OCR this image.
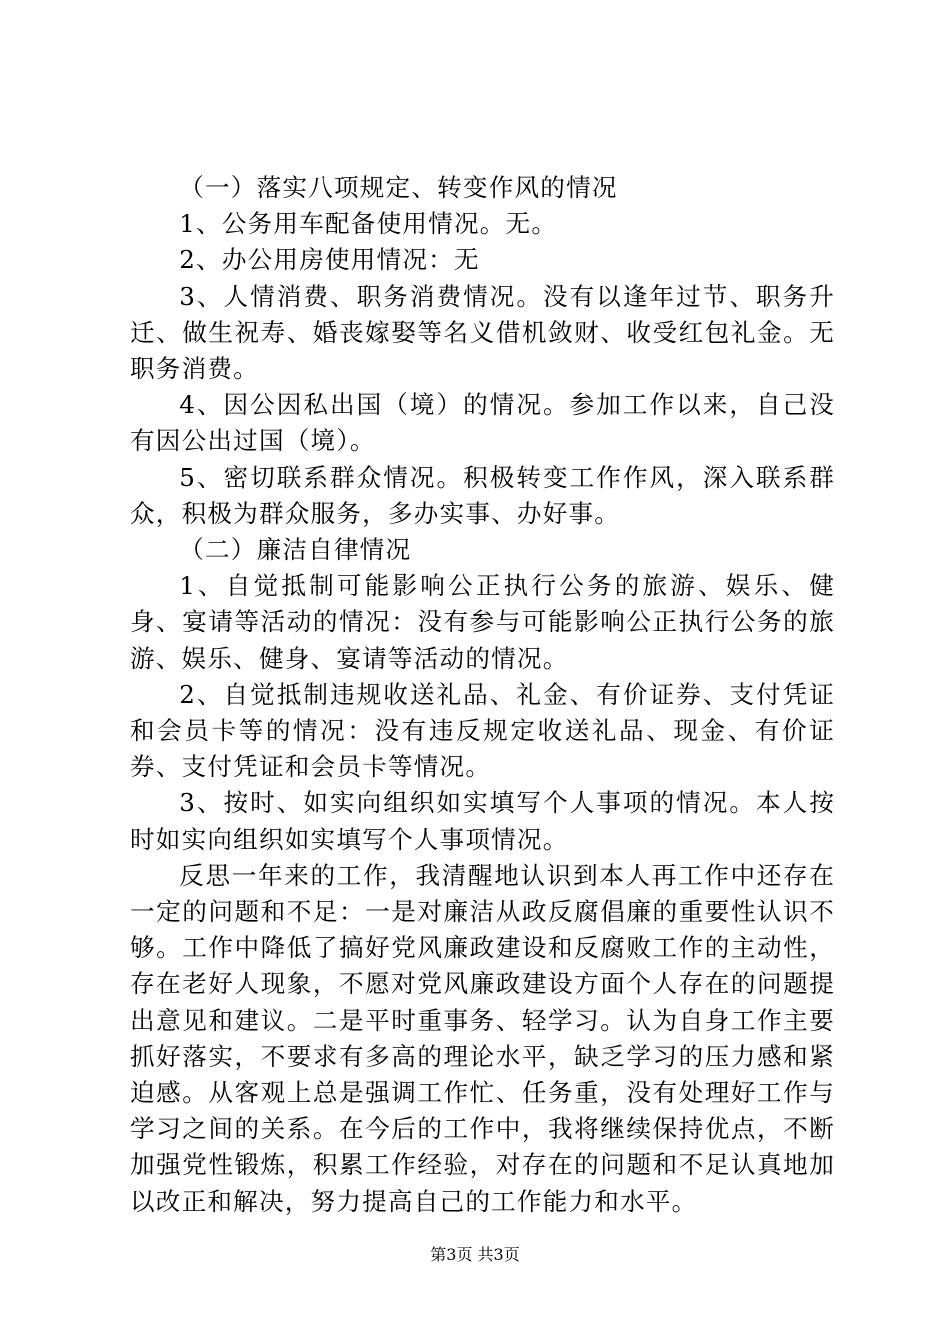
（一）落实八项规定、转变作风的情况

1、公务用车配备使用情况。无。

2、办公用房使用情况：无

3、人情消费、职务消费情况。没有以逢年过节、职务升迁、做生祝寿、婚丧嫁娶等名义借机敛财、收受红包礼金。无职务消费。

4、因公因私出国（境）的情况。参加工作以来，自己没有因公出过国（境）。

5、密切联系群众情况。积极转变工作作风，深入联系群众，积极为群众服务，多办实事、办好事。

（二）廉洁自律情况

1、自觉抵制可能影响公正执行公务的旅游、娱乐、健身、宴请等活动的情况：没有参与可能影响公正执行公务的旅游、娱乐、健身、宴请等活动的情况。

2、自觉抵制违规收送礼品、礼金、有价证券、支付凭证和会员卡等的情况：没有违反规定收送礼品、现金、有价证券、支付凭证和会员卡等情况。

3、按时、如实向组织如实填写个人事项的情况。本人按时如实向组织如实填写个人事项情况。

反思一年来的工作，我清醒地认识到本人再工作中还存在一定的问题和不足：一是对廉洁从政反腐倡廉的重要性认识不够。工作中降低了搞好党风廉政建设和反腐败工作的主动性，存在老好人现象，不愿对党风廉政建设方面个人存在的问题提出意见和建议。二是平时重事务、轻学习。认为自身工作主要抓好落实，不要求有多高的理论水平，缺乏学习的压力感和紧迫感。从客观上总是强调工作忙、任务重，没有处理好工作与学习之间的关系。在今后的工作中，我将继续保持优点，不断加强党性锻炼，积累工作经验，对存在的问题和不足认真地加以改正和解决，努力提高自己的工作能力和水平。

第3页 共3页
